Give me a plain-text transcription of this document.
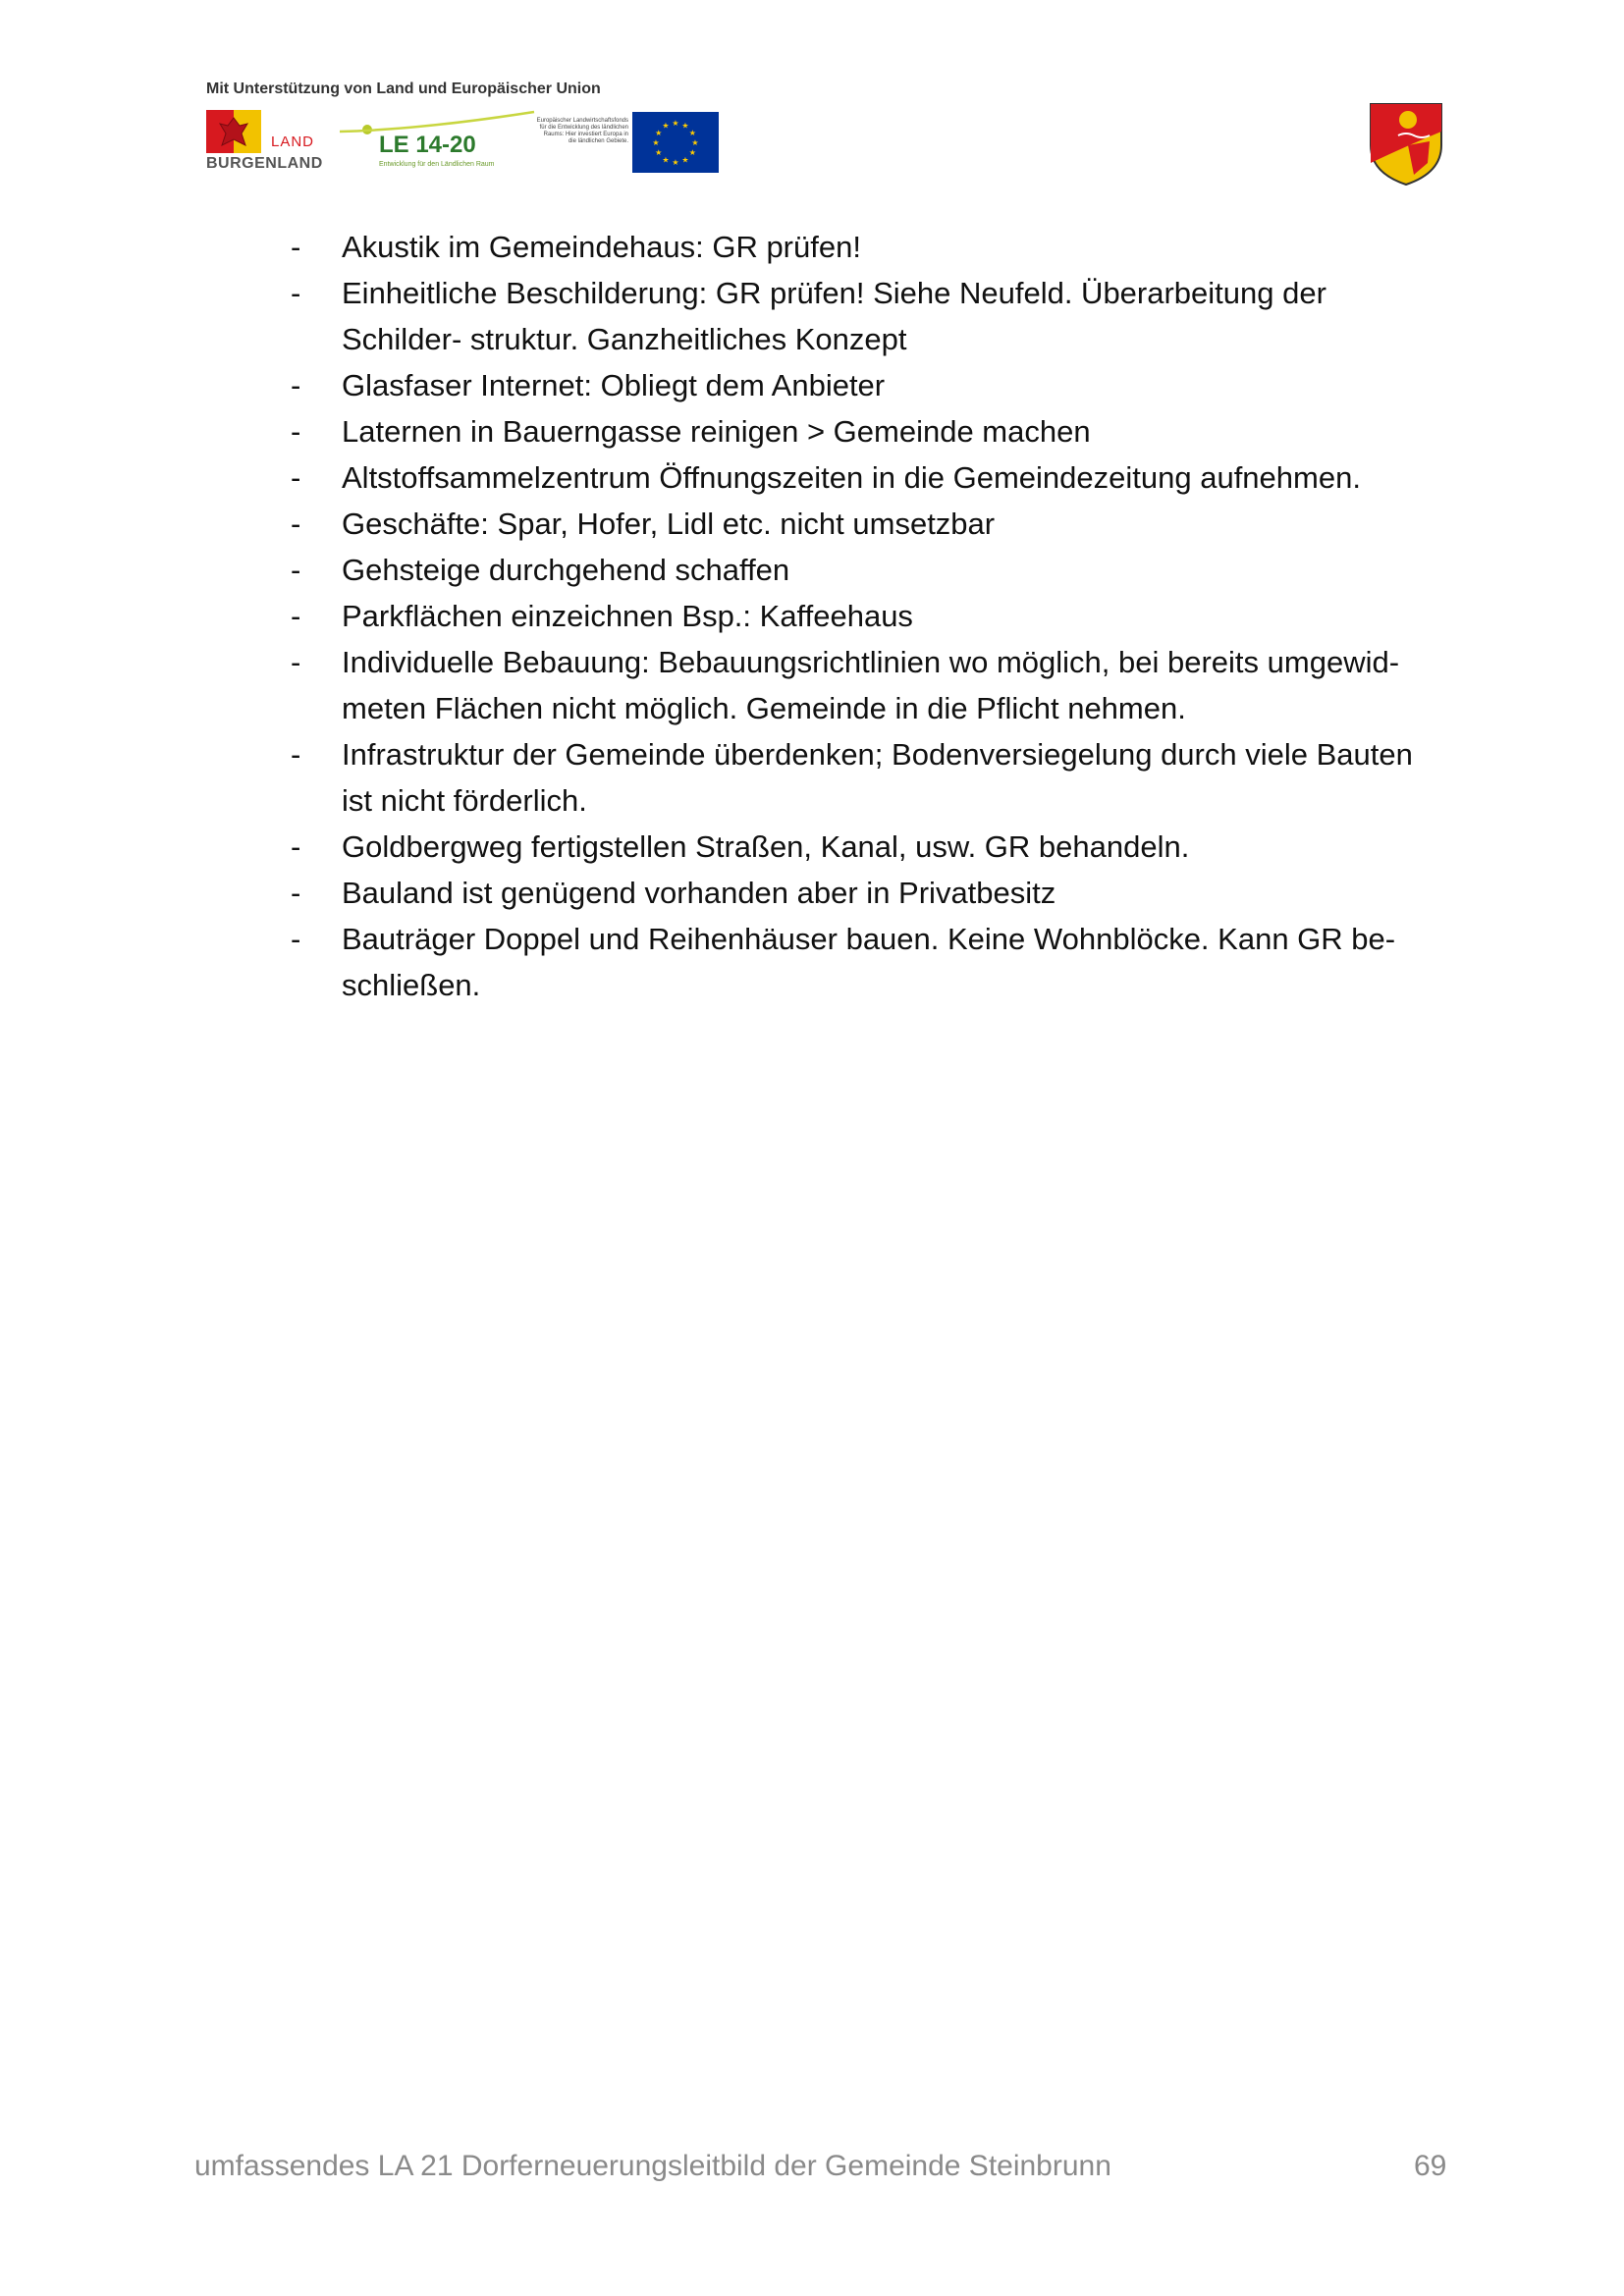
Mit Unterstützung von Land und Europäischer Union
LAND
BURGENLAND
LE 14-20
Entwicklung für den Ländlichen Raum
Europäischer Landwirtschaftsfonds für die Entwicklung des ländlichen Raums: Hier investiert Europa in die ländlichen Gebiete.
★ ★
★
★
★
★
★
★
★
★
★
★
- Akustik im Gemeindehaus: GR prüfen!
- Einheitliche Beschilderung: GR prüfen! Siehe Neufeld. Überarbeitung der Schilder- struktur. Ganzheitliches Konzept
- Glasfaser Internet: Obliegt dem Anbieter
- Laternen in Bauerngasse reinigen > Gemeinde machen
- Altstoffsammelzentrum Öffnungszeiten in die Gemeindezeitung aufnehmen.
- Geschäfte: Spar, Hofer, Lidl etc. nicht umsetzbar
- Gehsteige durchgehend schaffen
- Parkflächen einzeichnen Bsp.: Kaffeehaus
- Individuelle Bebauung: Bebauungsrichtlinien wo möglich, bei bereits umgewid- meten Flächen nicht möglich. Gemeinde in die Pflicht nehmen.
- Infrastruktur der Gemeinde überdenken; Bodenversiegelung durch viele Bauten ist nicht förderlich.
- Goldbergweg fertigstellen Straßen, Kanal, usw. GR behandeln.
- Bauland ist genügend vorhanden aber in Privatbesitz
- Bauträger Doppel und Reihenhäuser bauen. Keine Wohnblöcke. Kann GR be- schließen.
umfassendes LA 21 Dorferneuerungsleitbild der Gemeinde Steinbrunn	69
